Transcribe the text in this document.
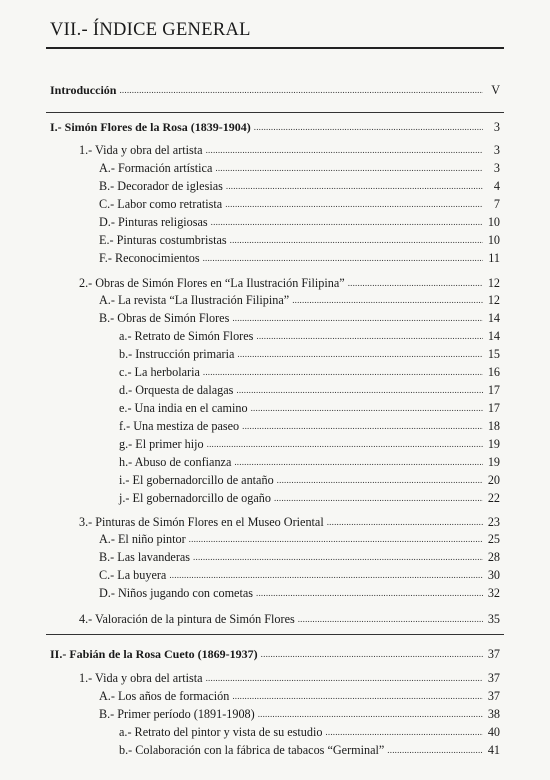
VII.- ÍNDICE GENERAL
Introducción .....	V
I.- Simón Flores de la Rosa (1839-1904) .....	3
1.- Vida y obra del artista .....	3
A.- Formación artística .....	3
B.- Decorador de iglesias .....	4
C.- Labor como retratista .....	7
D.- Pinturas religiosas .....	10
E.- Pinturas costumbristas .....	10
F.- Reconocimientos .....	11
2.- Obras de Simón Flores en “La Ilustración Filipina” .....	12
A.- La revista “La Ilustración Filipina” .....	12
B.- Obras de Simón Flores .....	14
a.- Retrato de Simón Flores .....	14
b.- Instrucción primaria .....	15
c.- La herbolaria .....	16
d.- Orquesta de dalagas .....	17
e.- Una india en el camino .....	17
f.- Una mestiza de paseo .....	18
g.- El primer hijo .....	19
h.- Abuso de confianza .....	19
i.- El gobernadorcillo de antaño .....	20
j.- El gobernadorcillo de ogaño .....	22
3.- Pinturas de Simón Flores en el Museo Oriental .....	23
A.- El niño pintor .....	25
B.- Las lavanderas .....	28
C.- La buyera .....	30
D.- Niños jugando con cometas .....	32
4.- Valoración de la pintura de Simón Flores .....	35
II.- Fabián de la Rosa Cueto (1869-1937) .....	37
1.- Vida y obra del artista .....	37
A.- Los años de formación .....	37
B.- Primer período (1891-1908) .....	38
a.- Retrato del pintor y vista de su estudio .....	40
b.- Colaboración con la fábrica de tabacos “Germinal” .....	41
